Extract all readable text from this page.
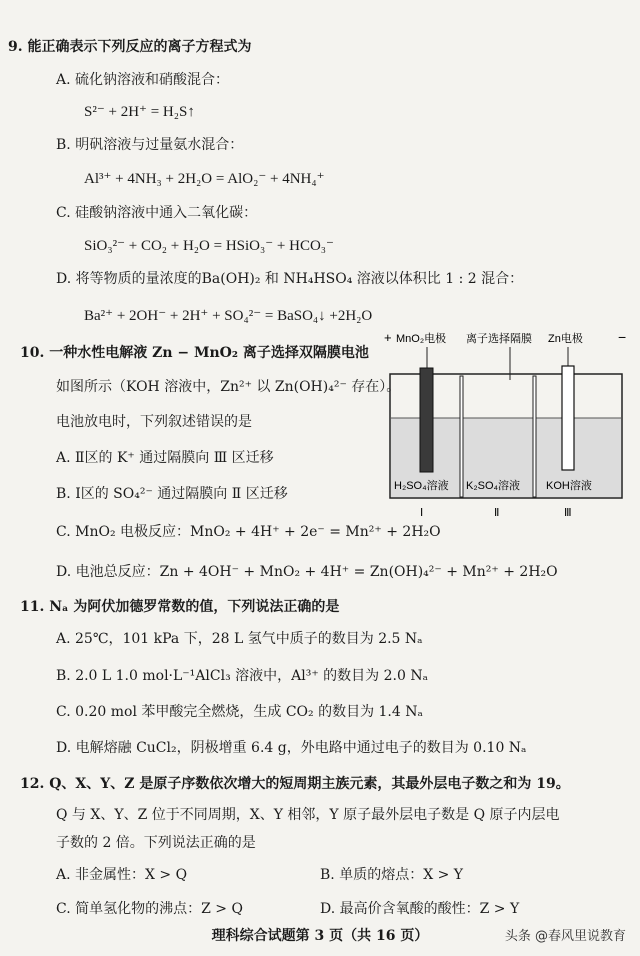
9. 能正确表示下列反应的离子方程式为
A. 硫化钠溶液和硝酸混合：
S²⁻ + 2H⁺ = H₂S↑
B. 明矾溶液与过量氨水混合：
Al³⁺ + 4NH₃ + 2H₂O = AlO₂⁻ + 4NH₄⁺
C. 硅酸钠溶液中通入二氧化碳：
SiO₃²⁻ + CO₂ + H₂O = HSiO₃⁻ + HCO₃⁻
D. 将等物质的量浓度的Ba(OH)₂ 和 NH₄HSO₄ 溶液以体积比 1 : 2 混合：
Ba²⁺ + 2OH⁻ + 2H⁺ + SO₄²⁻ = BaSO₄↓ +2H₂O
10. 一种水性电解液 Zn − MnO₂ 离子选择双隔膜电池
如图所示（KOH 溶液中，Zn²⁺ 以 Zn(OH)₄²⁻ 存在）。
电池放电时，下列叙述错误的是
A. Ⅱ区的 K⁺ 通过隔膜向 Ⅲ 区迁移
B. Ⅰ区的 SO₄²⁻ 通过隔膜向 Ⅱ 区迁移
C. MnO₂ 电极反应：MnO₂ + 4H⁺ + 2e⁻ = Mn²⁺ + 2H₂O
D. 电池总反应：Zn + 4OH⁻ + MnO₂ + 4H⁺ = Zn(OH)₄²⁻ + Mn²⁺ + 2H₂O
+ MnO₂电极 离子选择隔膜 Zn电极	−
H₂SO₄溶液 K₂SO₄溶液 KOH溶液
Ⅰ	Ⅱ	Ⅲ
11. Nₐ 为阿伏加德罗常数的值，下列说法正确的是
A. 25℃，101 kPa 下，28 L 氢气中质子的数目为 2.5 Nₐ
B. 2.0 L 1.0 mol·L⁻¹AlCl₃ 溶液中，Al³⁺ 的数目为 2.0 Nₐ
C. 0.20 mol 苯甲酸完全燃烧，生成 CO₂ 的数目为 1.4 Nₐ
D. 电解熔融 CuCl₂，阴极增重 6.4 g，外电路中通过电子的数目为 0.10 Nₐ
12. Q、X、Y、Z 是原子序数依次增大的短周期主族元素，其最外层电子数之和为 19。
Q 与 X、Y、Z 位于不同周期，X、Y 相邻，Y 原子最外层电子数是 Q 原子内层电
子数的 2 倍。下列说法正确的是
A. 非金属性：X > Q	B. 单质的熔点：X > Y
C. 简单氢化物的沸点：Z > Q	D. 最高价含氧酸的酸性：Z > Y
理科综合试题第 3 页（共 16 页）	头条 @春风里说教育
